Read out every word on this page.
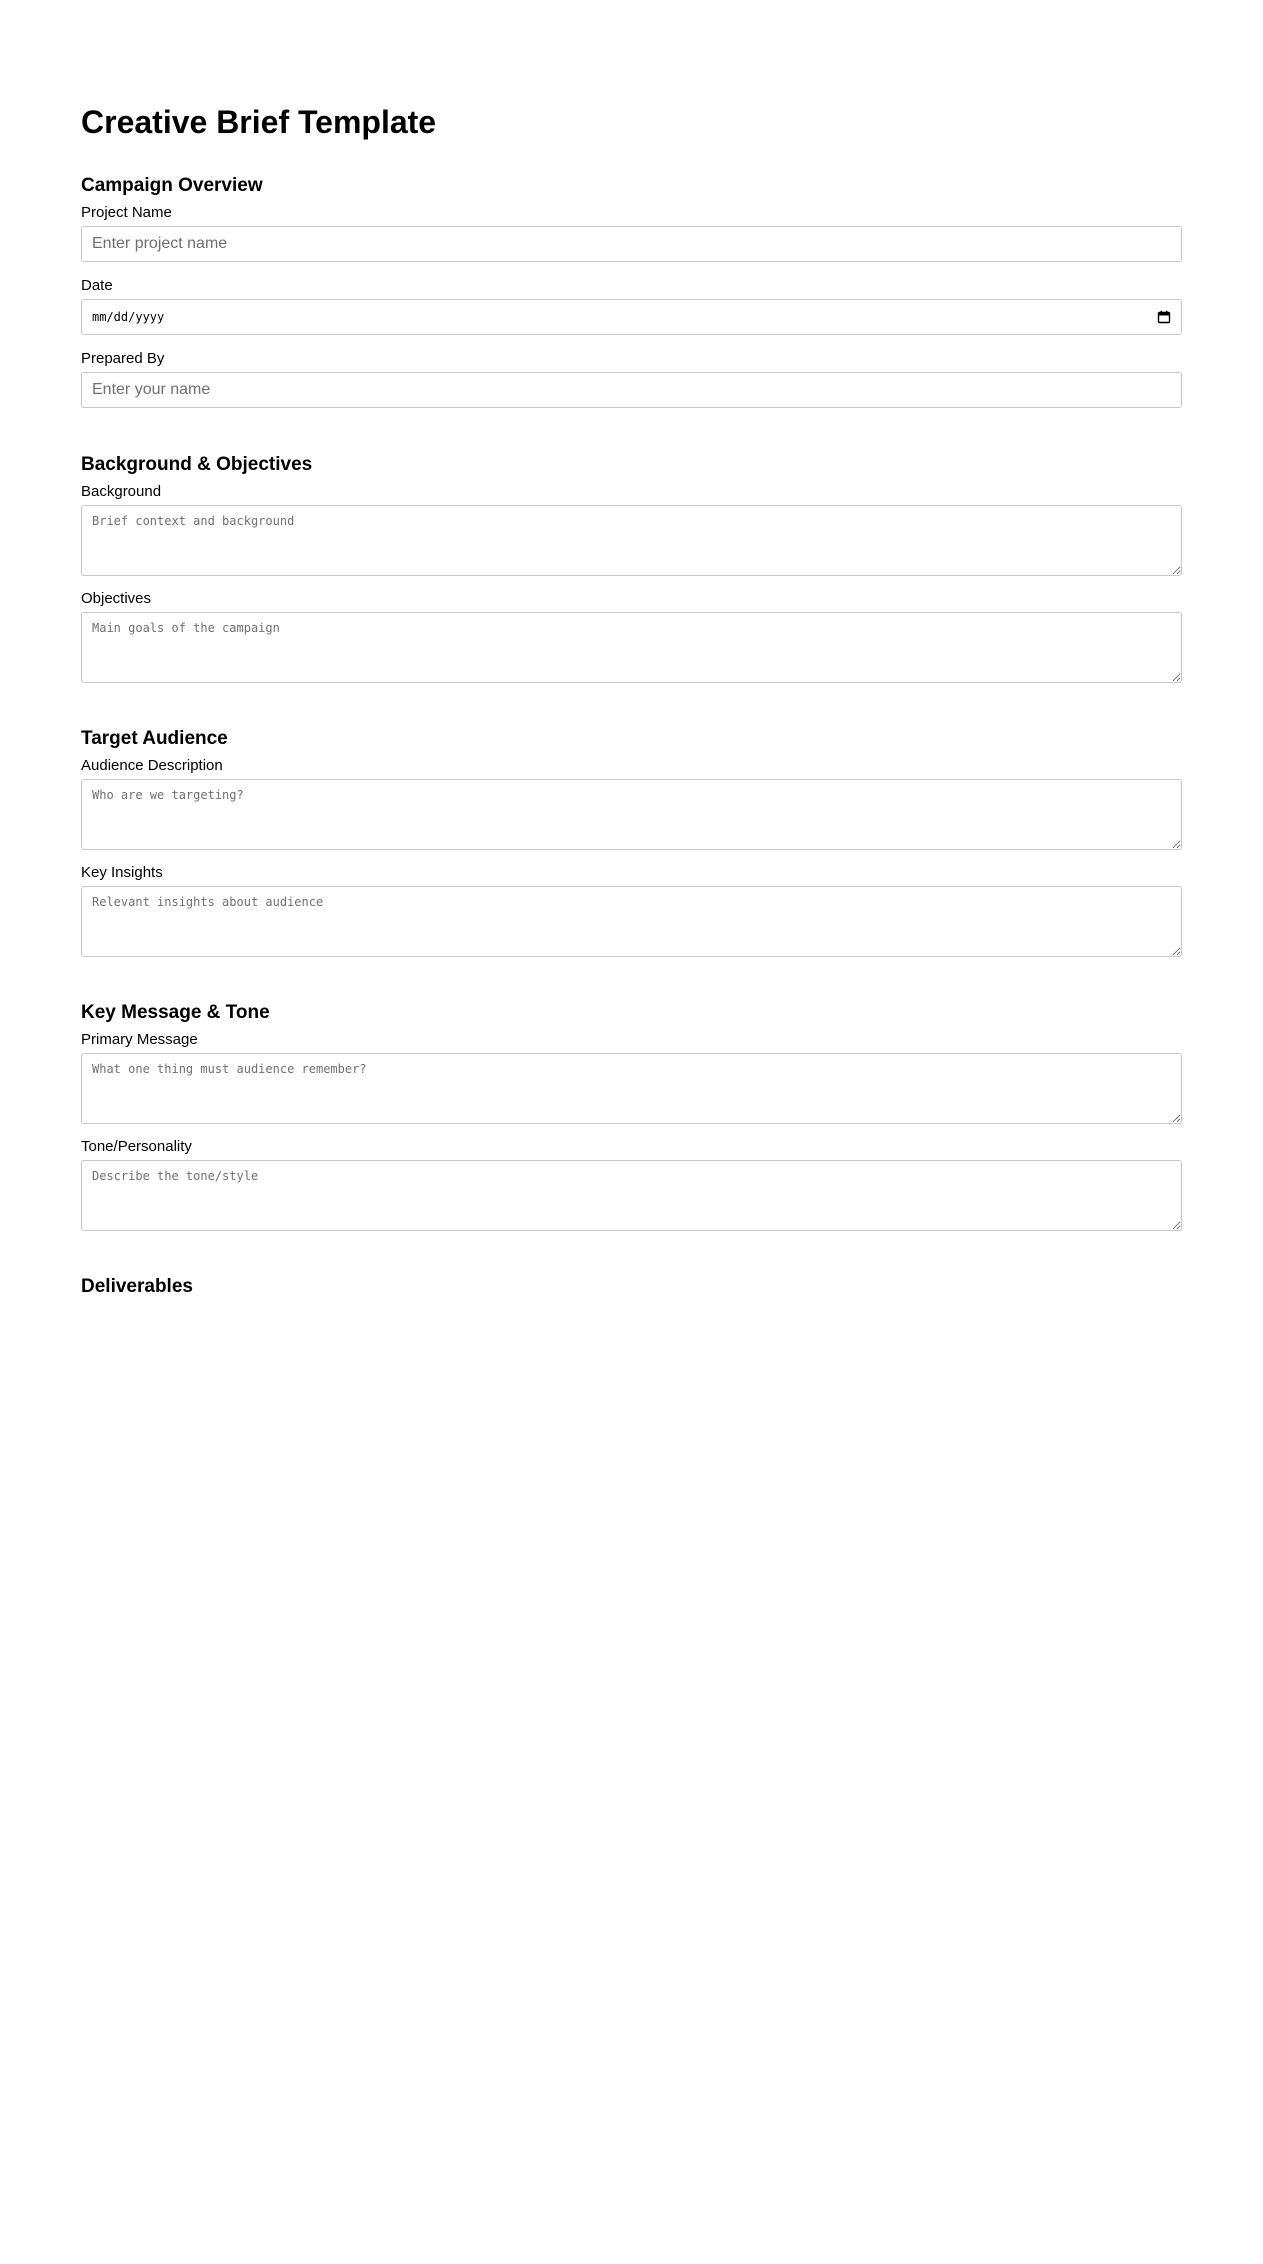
Creative Brief Template
Campaign Overview
Project Name
Enter project name
Date
mm/dd/yyyy
Prepared By
Enter your name
Background & Objectives
Background
Brief context and background
Objectives
Main goals of the campaign
Target Audience
Audience Description
Who are we targeting?
Key Insights
Relevant insights about audience
Key Message & Tone
Primary Message
What one thing must audience remember?
Tone/Personality
Describe the tone/style
Deliverables
